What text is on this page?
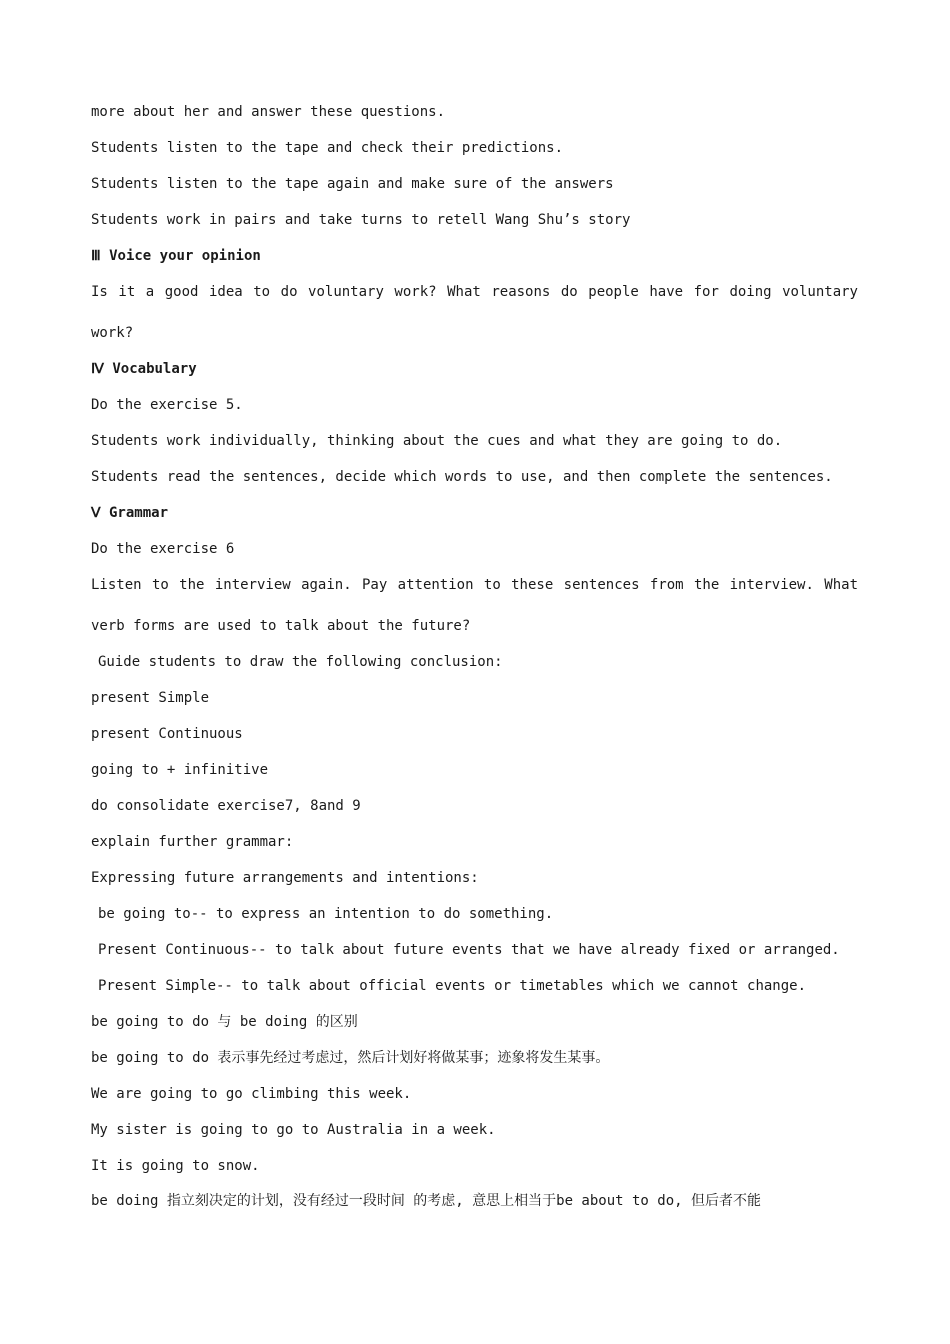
more about her and answer these questions.

Students listen to the tape and check their predictions.

Students listen to the tape again and make sure of the answers

Students work in pairs and take turns to retell Wang Shu’s story

Ⅲ Voice your opinion

Is it a good idea to do voluntary work? What reasons do people have for doing voluntary

work?

Ⅳ Vocabulary

Do the exercise 5.

Students work individually, thinking about the cues and what they are going to do.

Students read the sentences, decide which words to use, and then complete the sentences.

Ⅴ Grammar

Do the exercise 6

Listen to the interview again. Pay attention to these sentences from the interview. What

verb forms are used to talk about the future?

Guide students to draw the following conclusion:

present Simple

present Continuous

going to + infinitive

do consolidate exercise7, 8and 9

explain further grammar:

Expressing future arrangements and intentions:

be going to-- to express an intention to do something.

Present Continuous-- to talk about future events that we have already fixed or arranged.

Present Simple-- to talk about official events or timetables which we cannot change.

be going to do 与 be doing 的区别

be going to do 表示事先经过考虑过，然后计划好将做某事；迹象将发生某事。

We are going to go climbing this week.

My sister is going to go to Australia in a week.

It is going to snow.

be doing 指立刻决定的计划，没有经过一段时间 的考虑, 意思上相当于be about to do, 但后者不能
